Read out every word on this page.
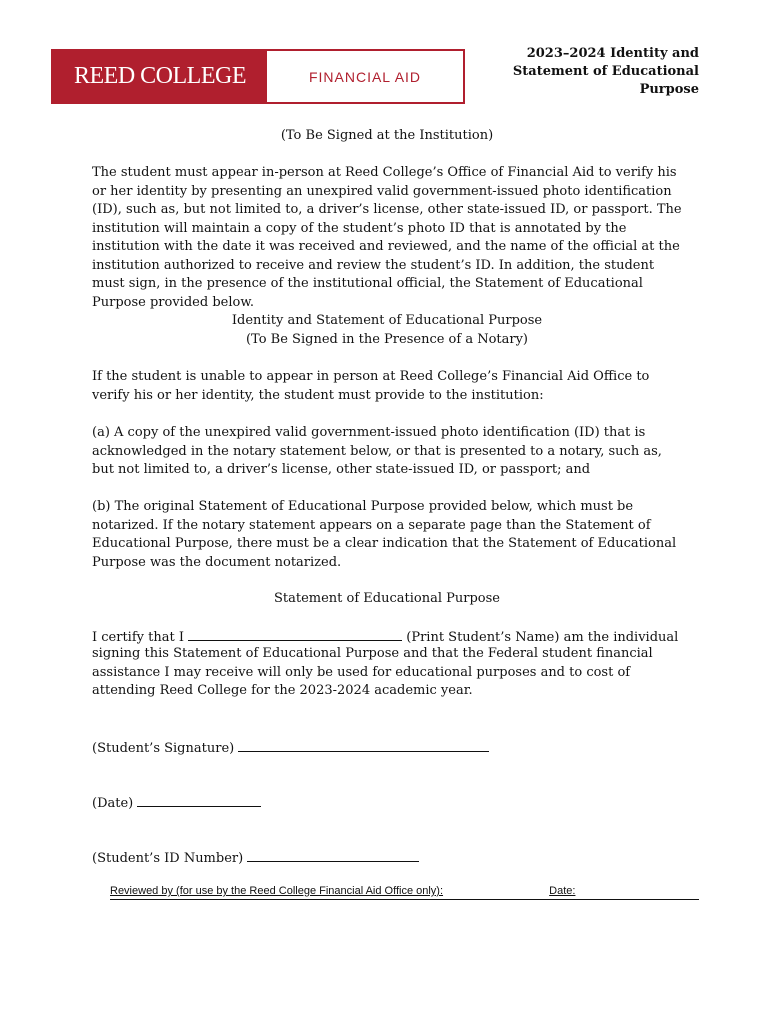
REED COLLEGE	FINANCIAL AID
2023–2024 Identity and
Statement of Educational
Purpose

(To Be Signed at the Institution)

The student must appear in-person at Reed College’s Office of Financial Aid to verify his or her identity by presenting an unexpired valid government-issued photo identification (ID), such as, but not limited to, a driver’s license, other state-issued ID, or passport. The institution will maintain a copy of the student’s photo ID that is annotated by the institution with the date it was received and reviewed, and the name of the official at the institution authorized to receive and review the student’s ID. In addition, the student must sign, in the presence of the institutional official, the Statement of Educational Purpose provided below.

Identity and Statement of Educational Purpose

(To Be Signed in the Presence of a Notary)

If the student is unable to appear in person at Reed College’s Financial Aid Office to verify his or her identity, the student must provide to the institution:

(a) A copy of the unexpired valid government-issued photo identification (ID) that is acknowledged in the notary statement below, or that is presented to a notary, such as, but not limited to, a driver’s license, other state-issued ID, or passport; and

(b) The original Statement of Educational Purpose provided below, which must be notarized. If the notary statement appears on a separate page than the Statement of Educational Purpose, there must be a clear indication that the Statement of Educational Purpose was the document notarized.

Statement of Educational Purpose

I certify that I	(Print Student’s Name) am the individual

signing this Statement of Educational Purpose and that the Federal student financial assistance I may receive will only be used for educational purposes and to cost of attending Reed College for the 2023-2024 academic year.

(Student’s Signature)
(Date)
(Student’s ID Number)
Reviewed by (for use by the Reed College Financial Aid Office only):	Date:
